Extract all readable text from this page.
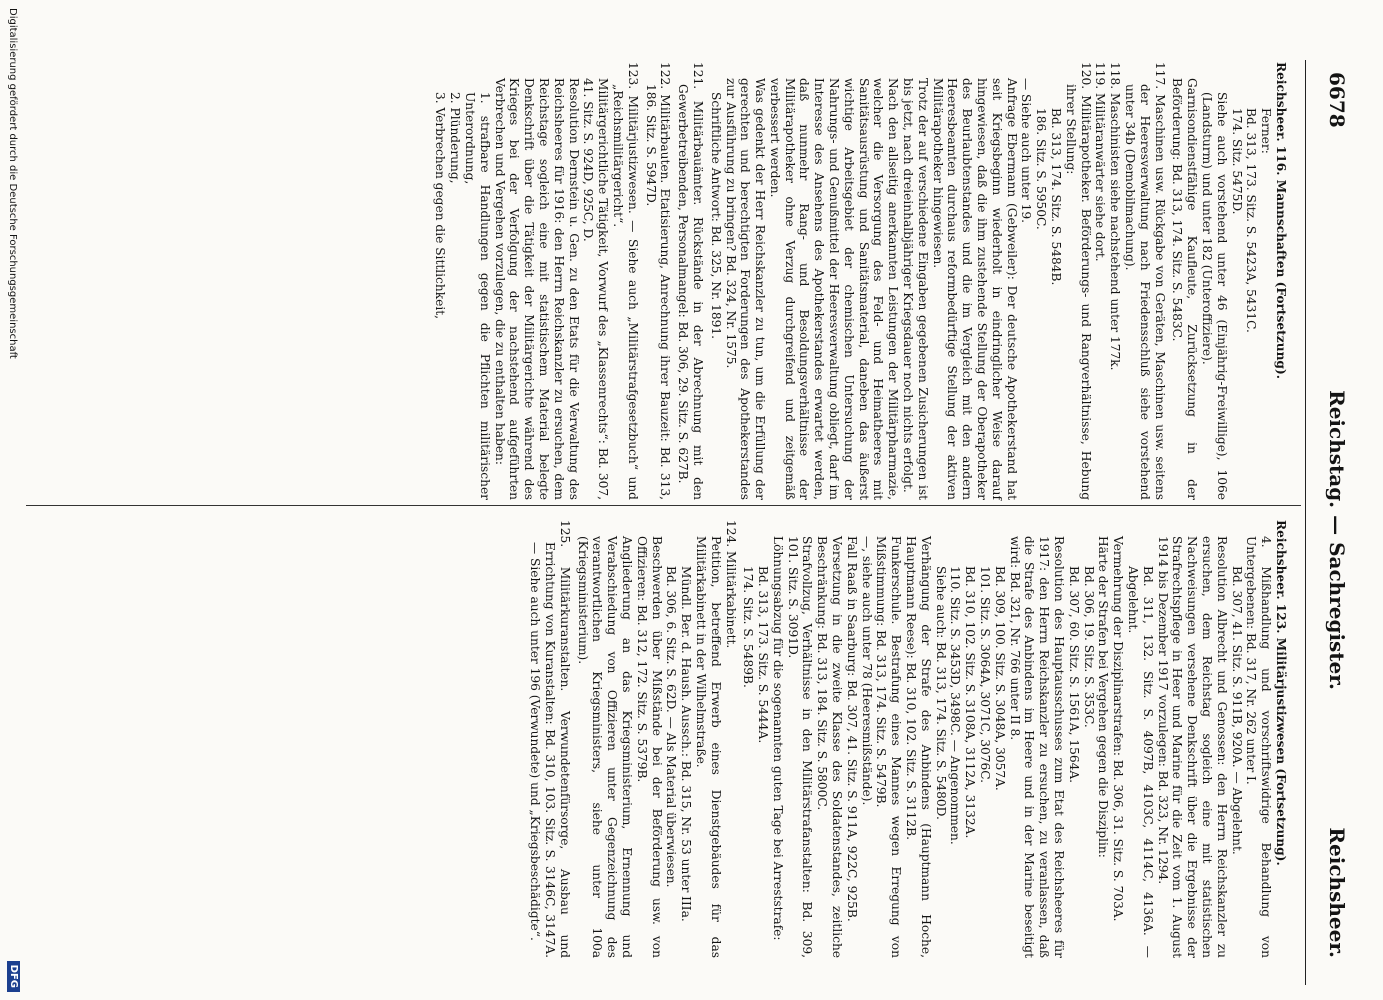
6678
Reichstag. — Sachregister.
Reichsheer.

Reichsheer. 116. Mannschaften (Fortsetzung).

Ferner:

Bd. 313, 173. Sitz. S. 5423A, 5431C.

174. Sitz. 5475D.

Siehe auch vorstehend unter 46 (Einjährig-Freiwillige), 106e (Landsturm) und unter 182 (Unteroffiziere).

Garnisondienstfähige Kaufleute, Zurücksetzung in der Beförderung: Bd. 313, 174. Sitz. S. 5483C.

117. Maschinen usw. Rückgabe von Geräten, Maschinen usw. seitens der Heeresverwaltung nach Friedensschluß siehe vorstehend unter 34b (Demobilmachung).

118. Maschinisten siehe nachstehend unter 177k.

119. Militäranwärter siehe dort.

120. Militärapotheker. Beförderungs- und Rangverhältnisse, Hebung ihrer Stellung:

Bd. 313, 174. Sitz. S. 5484B.

186. Sitz. S. 5950C.

— Siehe auch unter 19.

Anfrage Ebermann (Gebweiler): Der deutsche Apothekerstand hat seit Kriegsbeginn wiederholt in eindringlicher Weise darauf hingewiesen, daß die ihm zustehende Stellung der Oberapotheker des Beurlaubtenstandes und die im Vergleich mit den andern Heeresbeamten durchaus reformbedürftige Stellung der aktiven Militärapotheker hingewiesen.

Trotz der auf verschiedene Eingaben gegebenen Zusicherungen ist bis jetzt, nach dreieinhalbjähriger Kriegsdauer noch nichts erfolgt.

Nach den allseitig anerkannten Leistungen der Militärpharmazie, welcher die Versorgung des Feld- und Heimatheeres mit Sanitätsausrüstung und Sanitätsmaterial, daneben das äußerst wichtige Arbeitsgebiet der chemischen Untersuchung der Nahrungs- und Genußmittel der Heeresverwaltung obliegt, darf im Interesse des Ansehens des Apothekerstandes erwartet werden, daß nunmehr Rang- und Besoldungsverhältnisse der Militärapotheker ohne Verzug durchgreifend und zeitgemäß verbessert werden.

Was gedenkt der Herr Reichskanzler zu tun, um die Erfüllung der gerechten und berechtigten Forderungen des Apothekerstandes zur Ausführung zu bringen? Bd. 324, Nr. 1575.

Schriftliche Antwort: Bd. 325, Nr. 1891.

121. Militärbauämter. Rückstände in der Abrechnung mit den Gewerbetreibenden, Personalmangel: Bd. 306, 29. Sitz. S. 627B.

122. Militärbauten. Etatisierung, Anrechnung ihrer Bauzeit: Bd. 313, 186. Sitz. S. 5947D.

123. Militärjustizwesen. — Siehe auch „Militärstrafgesetzbuch“ und „Reichsmilitärgericht“.

Militärgerichtliche Tätigkeit, Vorwurf des „Klassenrechts“: Bd. 307, 41. Sitz. S. 924D, 925C, D.

Resolution Dernstein u. Gen. zu den Etats für die Verwaltung des Reichsheeres für 1916: den Herrn Reichskanzler zu ersuchen, dem Reichstage sogleich eine mit statistischem Material belegte Denkschrift über die Tätigkeit der Militärgerichte während des Krieges bei der Verfolgung der nachstehend aufgeführten Verbrechen und Vergehen vorzulegen, die zu enthalten haben:

1. strafbare Handlungen gegen die Pflichten militärischer Unterordnung,

2. Plünderung,

3. Verbrechen gegen die Sittlichkeit,

Reichsheer. 123. Militärjustizwesen (Fortsetzung).

4. Mißhandlung und vorschriftswidrige Behandlung von Untergebenen: Bd. 317, Nr. 262 unter I.

Bd. 307, 41. Sitz. S. 911B, 920A. — Abgelehnt.

Resolution Albrecht und Genossen: den Herrn Reichskanzler zu ersuchen, dem Reichstag sogleich eine mit statistischen Nachweisungen versehene Denkschrift über die Ergebnisse der Strafrechtspflege in Heer und Marine für die Zeit vom 1. August 1914 bis Dezember 1917 vorzulegen: Bd. 323, Nr. 1294.

Bd. 311, 132. Sitz. S. 4097B, 4103C, 4114C, 4136A. — Abgelehnt.

Vermehrung der Disziplinarstrafen: Bd. 306, 31. Sitz. S. 703A.

Härte der Strafen bei Vergehen gegen die Disziplin:

Bd. 306, 19. Sitz. S. 353C.

Bd. 307, 60. Sitz. S. 1561A, 1564A.

Resolution des Hauptausschusses zum Etat des Reichsheeres für 1917: den Herrn Reichskanzler zu ersuchen, zu veranlassen, daß die Strafe des Anbindens im Heere und in der Marine beseitigt wird: Bd. 321, Nr. 766 unter II 8.

Bd. 309, 100. Sitz. S. 3048A, 3057A.

101. Sitz. S. 3064A, 3071C, 3076C.

Bd. 310, 102. Sitz. S. 3108A, 3112A, 3132A.

110. Sitz. S. 3453D, 3498C. — Angenommen.

Siehe auch: Bd. 313, 174. Sitz. S. 5480D.

Verhängung der Strafe des Anbindens (Hauptmann Hoche, Hauptmann Reese): Bd. 310, 102. Sitz. S. 3112B.

Funkerschule. Bestrafung eines Mannes wegen Erregung von Mißstimmung: Bd. 313, 174. Sitz. S. 5479B.

—, siehe auch unter 78 (Heeresmißstände).

Fall Raaß in Saarburg: Bd. 307, 41. Sitz. S. 911A, 922C, 925B.

Versetzung in die zweite Klasse des Soldatenstandes, zeitliche Beschränkung: Bd. 313, 184. Sitz. S. 5800C.

Strafvollzug, Verhältnisse in den Militärstrafanstalten: Bd. 309, 101. Sitz. S. 3091D.

Löhnungsabzug für die sogenannten guten Tage bei Arreststrafe:

Bd. 313, 173. Sitz. S. 5444A.

174. Sitz. S. 5489B.

124. Militärkabinett.

Petition, betreffend Erwerb eines Dienstgebäudes für das Militärkabinett in der Wilhelmstraße.

Mündl. Ber. d. Haush. Aussch.: Bd. 315, Nr. 53 unter IIIa.

Bd. 306, 6. Sitz. S. 62D. — Als Material überwiesen.

Beschwerden über Mißstände bei der Beförderung usw. von Offizieren: Bd. 312, 172. Sitz. S. 5379B.

Angliederung an das Kriegsministerium, Ernennung und Verabschiedung von Offizieren unter Gegenzeichnung des verantwortlichen Kriegsministers, siehe unter 100a (Kriegsministerium).

125. Militärkuranstalten. Verwundetenfürsorge, Ausbau und Errichtung von Kuranstalten: Bd. 310, 103. Sitz. S. 3146C, 3147A. — Siehe auch unter 196 (Verwundete) und „Kriegsbeschädigte“.

Digitalisierung gefördert durch die Deutsche Forschungsgemeinschaft
DFG
